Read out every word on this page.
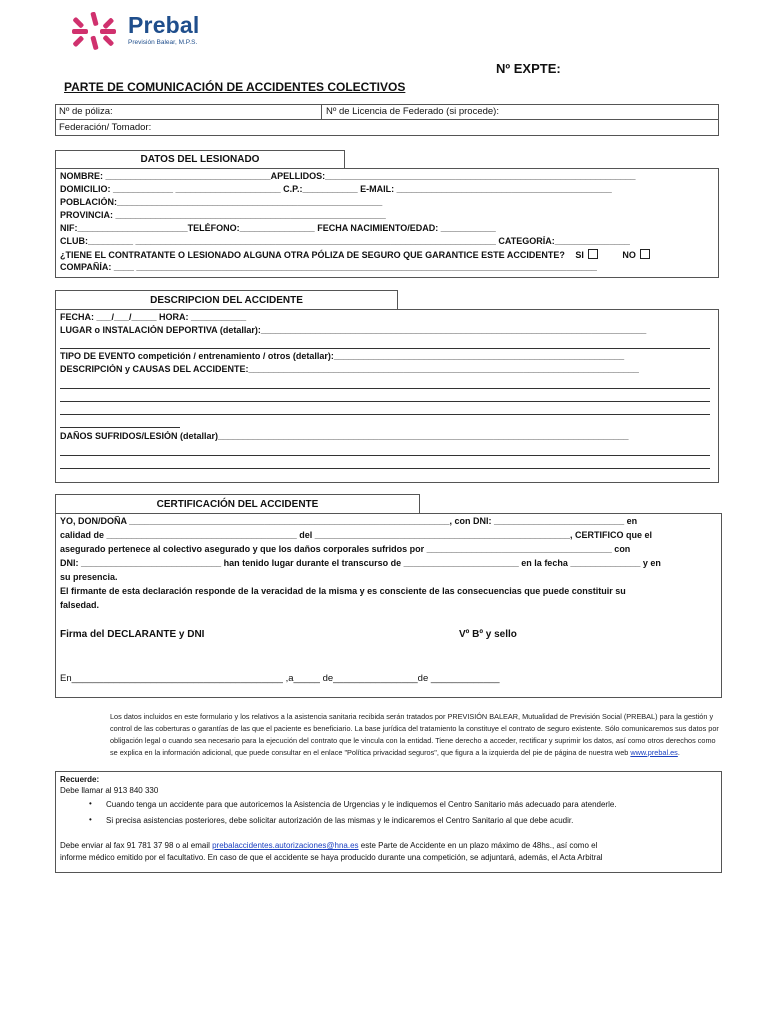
Prebal
Previsión Balear, M.P.S.
Nº EXPTE:
PARTE DE COMUNICACIÓN DE ACCIDENTES COLECTIVOS
Nº de póliza:	Nº de Licencia de Federado (si procede):
Federación/ Tomador:
DATOS DEL LESIONADO
NOMBRE: _________________________________APELLIDOS:______________________________________________________________
DOMICILIO: ____________ _____________________ C.P.:___________ E-MAIL: ___________________________________________
POBLACIÓN:_____________________________________________________
PROVINCIA: ______________________________________________________
NIF:______________________TELÉFONO:_______________ FECHA NACIMIENTO/EDAD: ___________
CLUB:_________ ________________________________________________________________________ CATEGORÍA:_______________
¿TIENE EL CONTRATANTE O LESIONADO ALGUNA OTRA PÓLIZA DE SEGURO QUE GARANTICE ESTE ACCIDENTE? SI	NO
COMPAÑÍA: ____ ____________________________________________________________________________________________
DESCRIPCION DEL ACCIDENTE
FECHA: ___/___/_____ HORA: ___________
LUGAR o INSTALACIÓN DEPORTIVA (detallar):_____________________________________________________________________________
TIPO DE EVENTO competición / entrenamiento / otros (detallar):__________________________________________________________
DESCRIPCIÓN y CAUSAS DEL ACCIDENTE:______________________________________________________________________________
DAÑOS SUFRIDOS/LESIÓN (detallar)__________________________________________________________________________________
CERTIFICACIÓN DEL ACCIDENTE
YO, DON/DOÑA ________________________________________________________________, con DNI: __________________________ en
calidad de ______________________________________ del ___________________________________________________, CERTIFICO que el
asegurado pertenece al colectivo asegurado y que los daños corporales sufridos por _____________________________________ con
DNI: ____________________________ han tenido lugar durante el transcurso de _______________________ en la fecha ______________ y en
su presencia.
El firmante de esta declaración responde de la veracidad de la misma y es consciente de las consecuencias que puede constituir su
falsedad.
Firma del DECLARANTE y DNI	Vº Bº y sello
En________________________________________ ,a_____ de________________de _____________
Los datos incluidos en este formulario y los relativos a la asistencia sanitaria recibida serán tratados por PREVISIÓN BALEAR, Mutualidad de Previsión Social (PREBAL) para la gestión y control de las coberturas o garantías de las que el paciente es beneficiario. La base jurídica del tratamiento la constituye el contrato de seguro existente. Sólo comunicaremos sus datos por obligación legal o cuando sea necesario para la ejecución del contrato que le vincula con la entidad. Tiene derecho a acceder, rectificar y suprimir los datos, así como otros derechos como se explica en la información adicional, que puede consultar en el enlace "Política privacidad seguros", que figura a la izquierda del pie de página de nuestra web www.prebal.es.
Recuerde:
Debe llamar al 913 840 330
• Cuando tenga un accidente para que autoricemos la Asistencia de Urgencias y le indiquemos el Centro Sanitario más adecuado para atenderle.
• Si precisa asistencias posteriores, debe solicitar autorización de las mismas y le indicaremos el Centro Sanitario al que debe acudir.
Debe enviar al fax 91 781 37 98 o al email prebalaccidentes.autorizaciones@hna.es este Parte de Accidente en un plazo máximo de 48hs., así como el
informe médico emitido por el facultativo. En caso de que el accidente se haya producido durante una competición, se adjuntará, además, el Acta Arbitral
